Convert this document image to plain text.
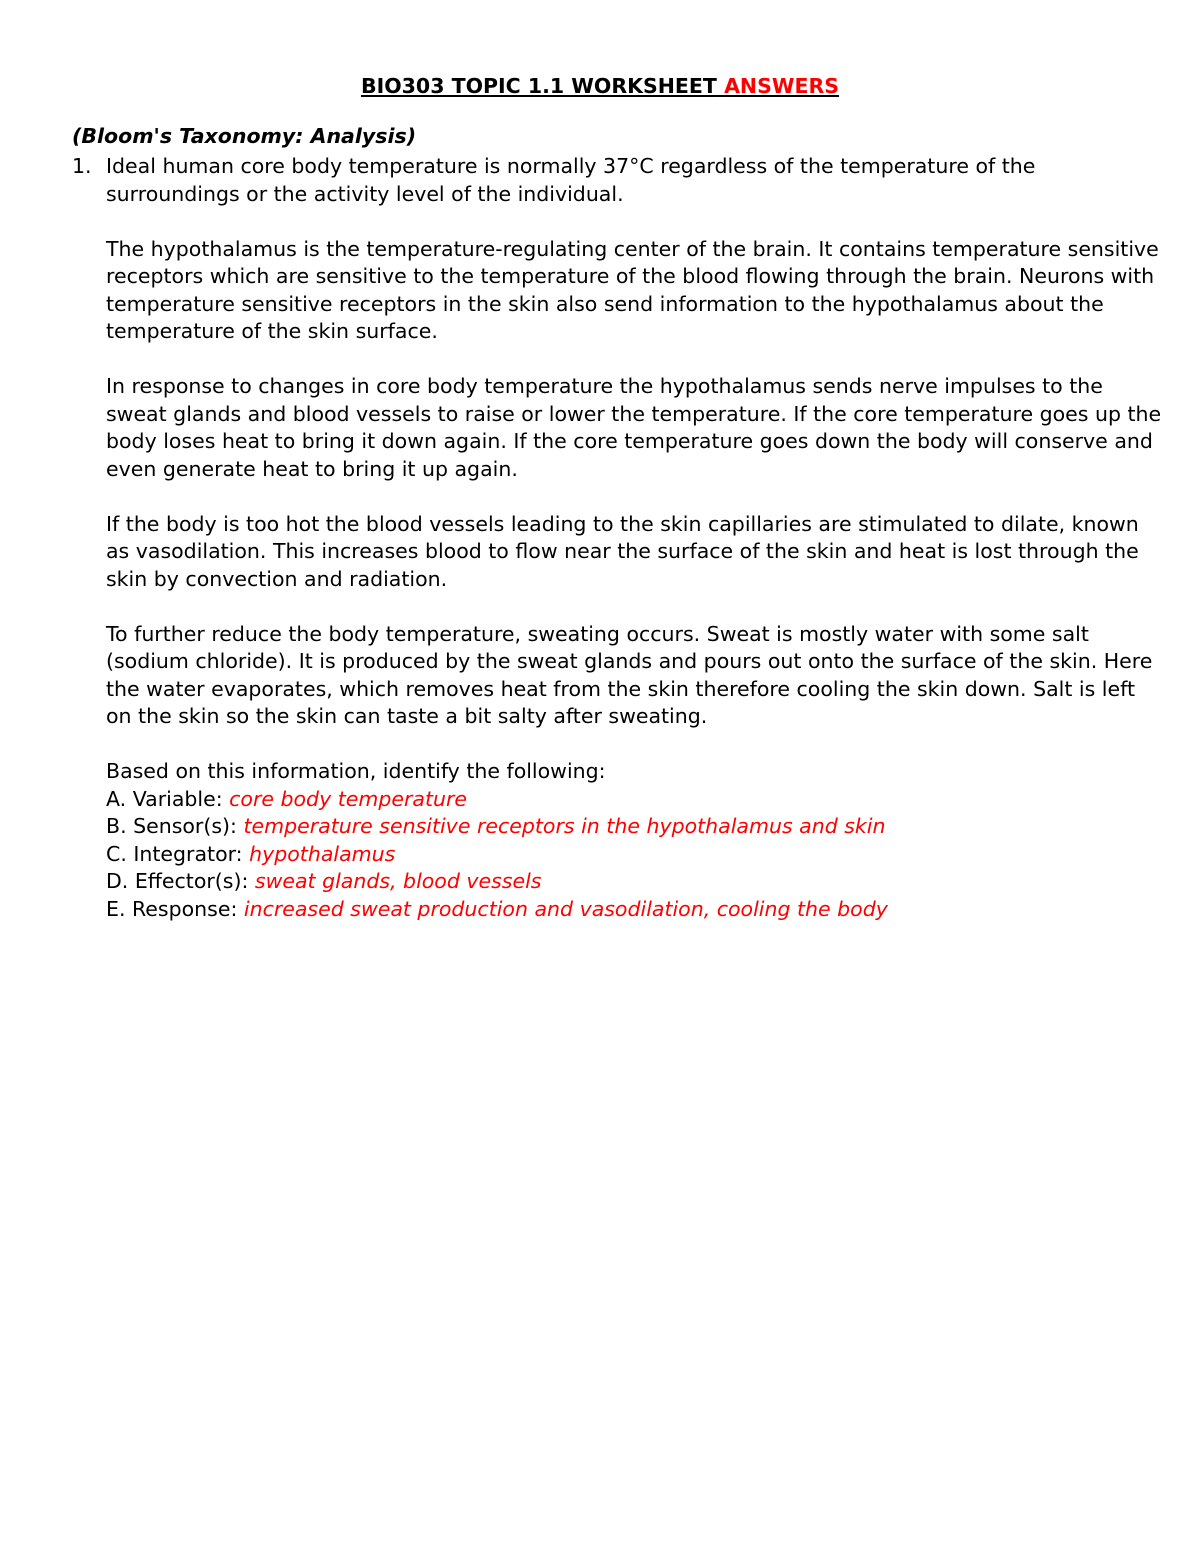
BIO303 TOPIC 1.1 WORKSHEET ANSWERS
(Bloom's Taxonomy: Analysis)
1. Ideal human core body temperature is normally 37°C regardless of the temperature of the surroundings or the activity level of the individual.

The hypothalamus is the temperature-regulating center of the brain. It contains temperature sensitive receptors which are sensitive to the temperature of the blood flowing through the brain. Neurons with temperature sensitive receptors in the skin also send information to the hypothalamus about the temperature of the skin surface.

In response to changes in core body temperature the hypothalamus sends nerve impulses to the sweat glands and blood vessels to raise or lower the temperature. If the core temperature goes up the body loses heat to bring it down again. If the core temperature goes down the body will conserve and even generate heat to bring it up again.

If the body is too hot the blood vessels leading to the skin capillaries are stimulated to dilate, known as vasodilation. This increases blood to flow near the surface of the skin and heat is lost through the skin by convection and radiation.

To further reduce the body temperature, sweating occurs. Sweat is mostly water with some salt (sodium chloride). It is produced by the sweat glands and pours out onto the surface of the skin. Here the water evaporates, which removes heat from the skin therefore cooling the skin down. Salt is left on the skin so the skin can taste a bit salty after sweating.

Based on this information, identify the following:
A. Variable: core body temperature
B. Sensor(s): temperature sensitive receptors in the hypothalamus and skin
C. Integrator: hypothalamus
D. Effector(s): sweat glands, blood vessels
E. Response: increased sweat production and vasodilation, cooling the body
